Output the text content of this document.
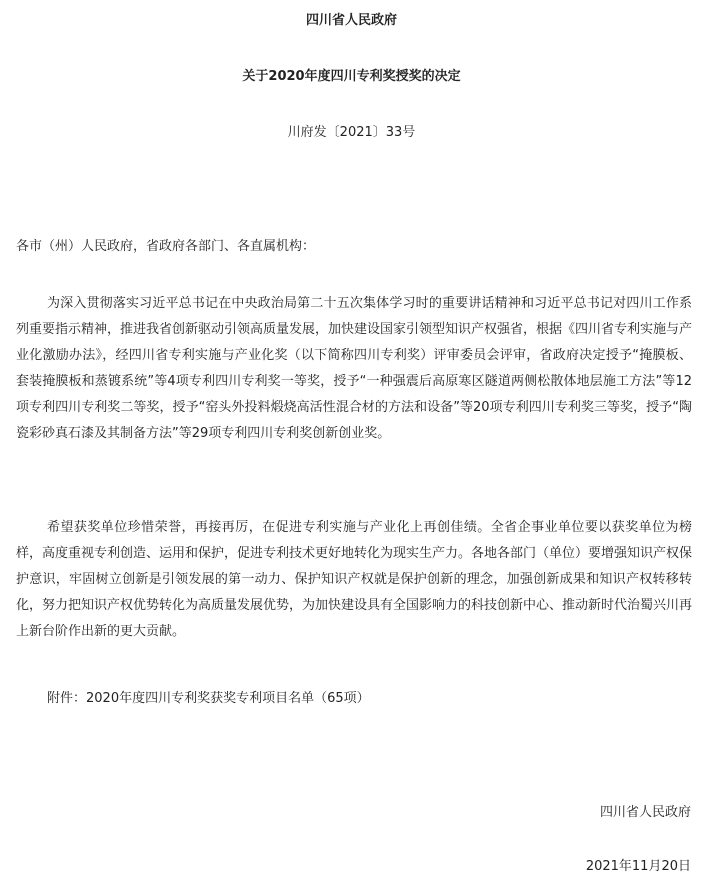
四川省人民政府
关于2020年度四川专利奖授奖的决定
川府发〔2021〕33号
各市（州）人民政府，省政府各部门、各直属机构：

为深入贯彻落实习近平总书记在中央政治局第二十五次集体学习时的重要讲话精神和习近平总书记对四川工作系列重要指示精神，推进我省创新驱动引领高质量发展，加快建设国家引领型知识产权强省，根据《四川省专利实施与产业化激励办法》，经四川省专利实施与产业化奖（以下简称四川专利奖）评审委员会评审，省政府决定授予“掩膜板、套装掩膜板和蒸镀系统”等4项专利四川专利奖一等奖，授予“一种强震后高原寒区隧道两侧松散体地层施工方法”等12项专利四川专利奖二等奖，授予“窑头外投料煅烧高活性混合材的方法和设备”等20项专利四川专利奖三等奖，授予“陶瓷彩砂真石漆及其制备方法”等29项专利四川专利奖创新创业奖。

希望获奖单位珍惜荣誉，再接再厉，在促进专利实施与产业化上再创佳绩。全省企事业单位要以获奖单位为榜样，高度重视专利创造、运用和保护，促进专利技术更好地转化为现实生产力。各地各部门（单位）要增强知识产权保护意识，牢固树立创新是引领发展的第一动力、保护知识产权就是保护创新的理念，加强创新成果和知识产权转移转化，努力把知识产权优势转化为高质量发展优势，为加快建设具有全国影响力的科技创新中心、推动新时代治蜀兴川再上新台阶作出新的更大贡献。

附件：2020年度四川专利奖获奖专利项目名单（65项）
四川省人民政府
2021年11月20日
